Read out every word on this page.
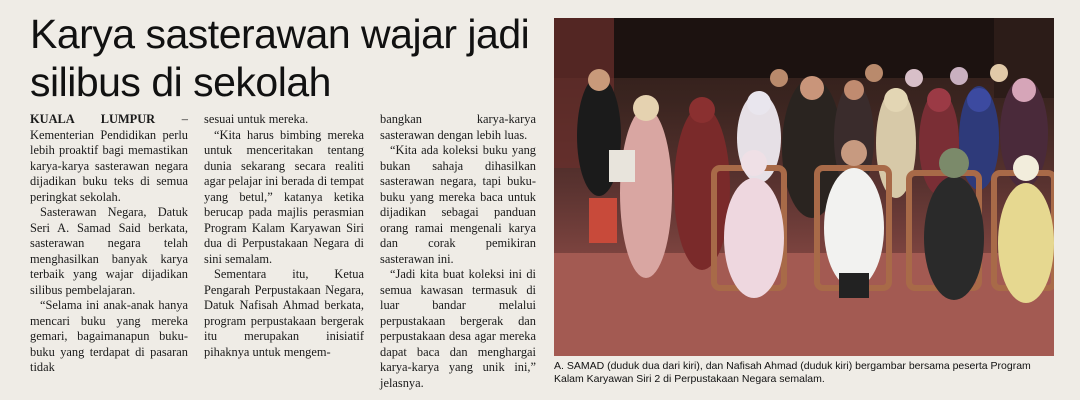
Karya sasterawan wajar jadi
silibus di sekolah

KUALA LUMPUR – Kementerian Pendidikan perlu lebih proaktif bagi memastikan karya-karya sasterawan negara dijadikan buku teks di semua peringkat sekolah.

Sasterawan Negara, Datuk Seri A. Samad Said berkata, sasterawan negara telah menghasilkan banyak karya terbaik yang wajar dijadikan silibus pembelajaran.

“Selama ini anak-anak hanya mencari buku yang mereka gemari, bagaimanapun buku-buku yang terdapat di pasaran tidak

sesuai untuk mereka.

“Kita harus bimbing mereka untuk menceritakan tentang dunia sekarang secara realiti agar pelajar ini berada di tempat yang betul,” katanya ketika berucap pada majlis perasmian Program Kalam Karyawan Siri dua di Perpustakaan Negara di sini semalam.

Sementara itu, Ketua Pengarah Perpustakaan Negara, Datuk Nafisah Ahmad berkata, program perpustakaan bergerak itu merupakan inisiatif pihaknya untuk mengem-

bangkan karya-karya sasterawan dengan lebih luas.

“Kita ada koleksi buku yang bukan sahaja dihasilkan sasterawan negara, tapi buku-buku yang mereka baca untuk dijadikan sebagai panduan orang ramai mengenali karya dan corak pemikiran sasterawan ini.

“Jadi kita buat koleksi ini di semua kawasan termasuk di luar bandar melalui perpustakaan bergerak dan perpustakaan desa agar mereka dapat baca dan menghargai karya-karya yang unik ini,” jelasnya.

A. SAMAD (duduk dua dari kiri), dan Nafisah Ahmad (duduk kiri) bergambar bersama peserta Program Kalam Karyawan Siri 2 di Perpustakaan Negara semalam.
